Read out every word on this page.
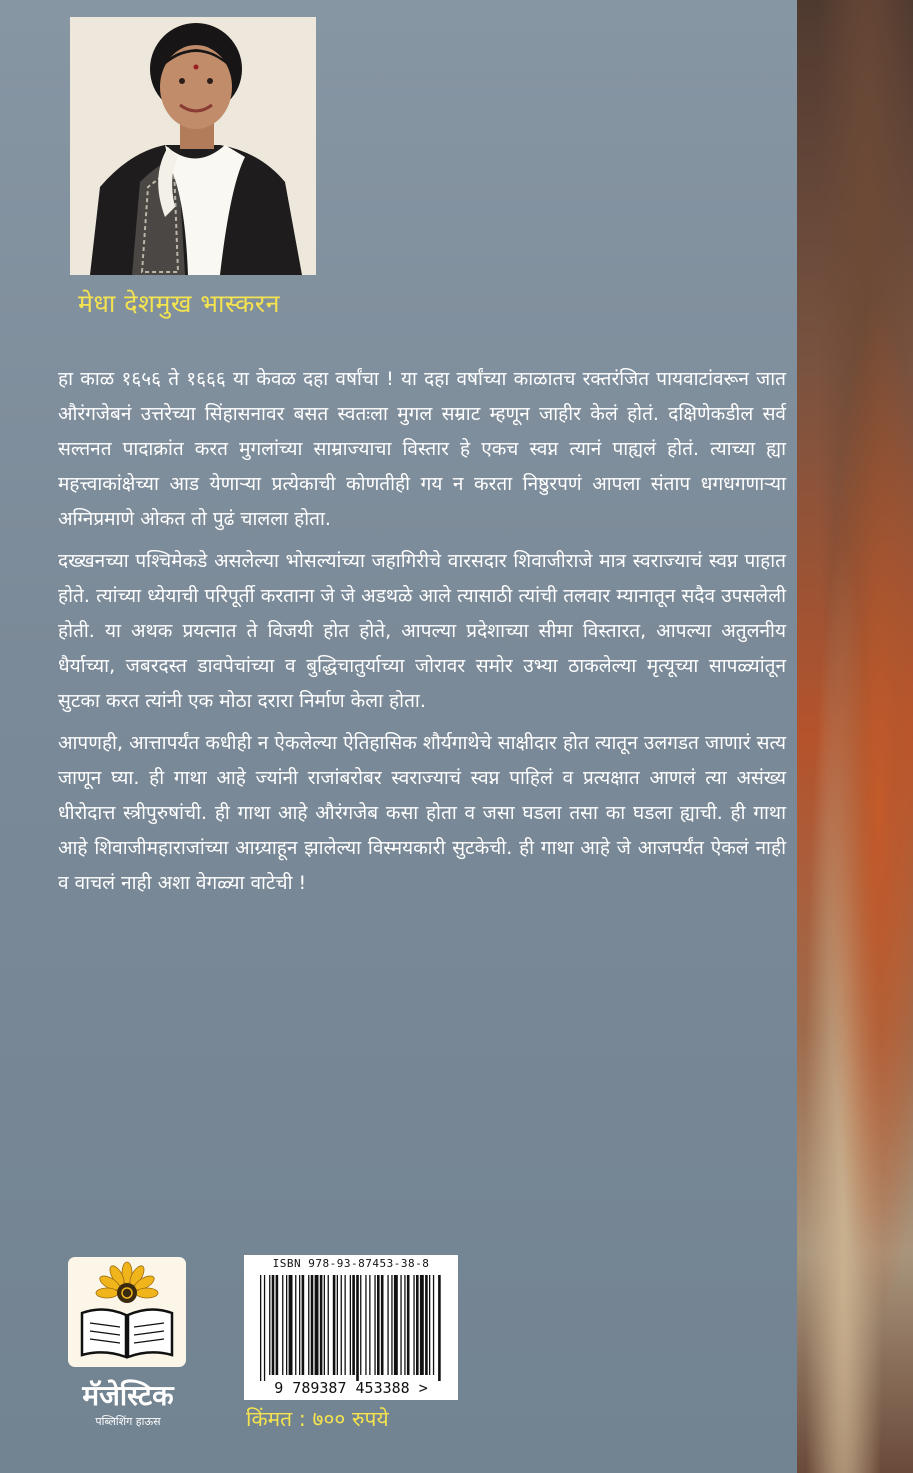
मेधा देशमुख भास्करन

हा काळ १६५६ ते १६६६ या केवळ दहा वर्षांचा ! या दहा वर्षांच्या काळातच रक्तरंजित पायवाटांवरून जात औरंगजेबनं उत्तरेच्या सिंहासनावर बसत स्वतःला मुगल सम्राट म्हणून जाहीर केलं होतं. दक्षिणेकडील सर्व सल्तनत पादाक्रांत करत मुगलांच्या साम्राज्याचा विस्तार हे एकच स्वप्न त्यानं पाह्यलं होतं. त्याच्या ह्या महत्त्वाकांक्षेच्या आड येणाऱ्या प्रत्येकाची कोणतीही गय न करता निष्ठुरपणं आपला संताप धगधगणाऱ्या अग्निप्रमाणे ओकत तो पुढं चालला होता.

दख्खनच्या पश्चिमेकडे असलेल्या भोसल्यांच्या जहागिरीचे वारसदार शिवाजीराजे मात्र स्वराज्याचं स्वप्न पाहात होते. त्यांच्या ध्येयाची परिपूर्ती करताना जे जे अडथळे आले त्यासाठी त्यांची तलवार म्यानातून सदैव उपसलेली होती. या अथक प्रयत्नात ते विजयी होत होते, आपल्या प्रदेशाच्या सीमा विस्तारत, आपल्या अतुलनीय धैर्याच्या, जबरदस्त डावपेचांच्या व बुद्धिचातुर्याच्या जोरावर समोर उभ्या ठाकलेल्या मृत्यूच्या सापळ्यांतून सुटका करत त्यांनी एक मोठा दरारा निर्माण केला होता.

आपणही, आत्तापर्यंत कधीही न ऐकलेल्या ऐतिहासिक शौर्यगाथेचे साक्षीदार होत त्यातून उलगडत जाणारं सत्य जाणून घ्या. ही गाथा आहे ज्यांनी राजांबरोबर स्वराज्याचं स्वप्न पाहिलं व प्रत्यक्षात आणलं त्या असंख्य धीरोदात्त स्त्रीपुरुषांची. ही गाथा आहे औरंगजेब कसा होता व जसा घडला तसा का घडला ह्याची. ही गाथा आहे शिवाजीमहाराजांच्या आग्र्याहून झालेल्या विस्मयकारी सुटकेची. ही गाथा आहे जे आजपर्यंत ऐकलं नाही व वाचलं नाही अशा वेगळ्या वाटेची !

मॅजेस्टिक
पब्लिशिंग हाऊस
ISBN 978-93-87453-38-8
9 789387 453388 >
किंमत : ७०० रुपये
